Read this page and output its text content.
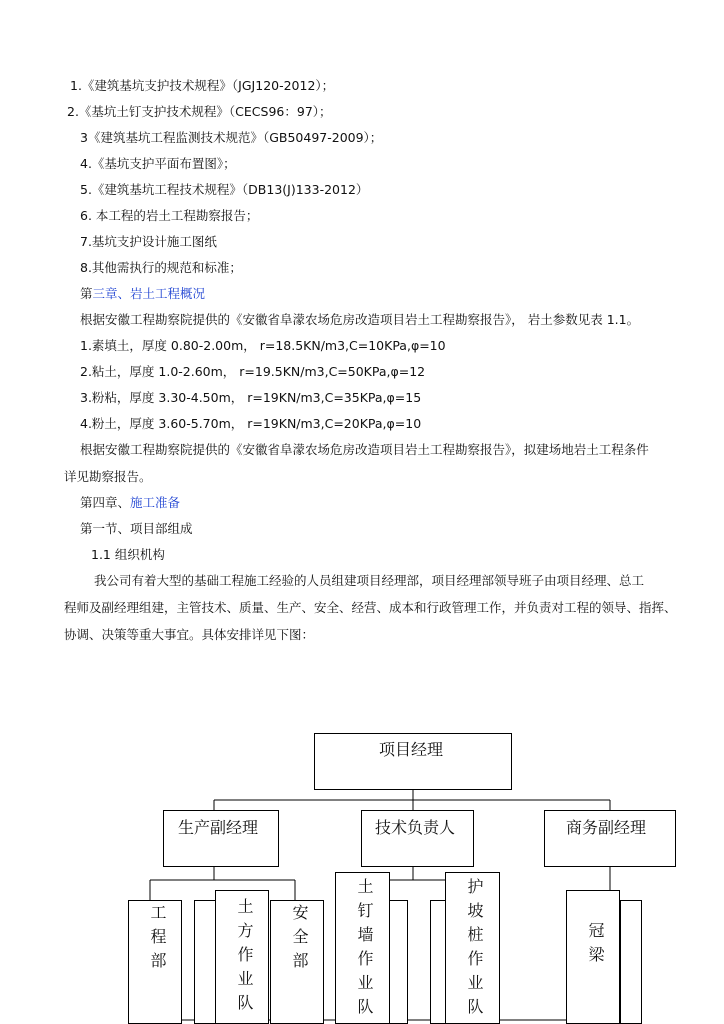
1.《建筑基坑支护技术规程》（JGJ120-2012）；
2.《基坑土钉支护技术规程》（CECS96：97）；
3《建筑基坑工程监测技术规范》（GB50497-2009）；
4.《基坑支护平面布置图》；
5.《建筑基坑工程技术规程》（DB13(J)133-2012）
6. 本工程的岩土工程勘察报告；
7.基坑支护设计施工图纸
8.其他需执行的规范和标准；
第三章、岩土工程概况
根据安徽工程勘察院提供的《安徽省阜濛农场危房改造项目岩土工程勘察报告》， 岩土参数见表 1.1。
1.素填土，厚度 0.80-2.00m， r=18.5KN/m3,C=10KPa,φ=10
2.粘土，厚度 1.0-2.60m， r=19.5KN/m3,C=50KPa,φ=12
3.粉粘，厚度 3.30-4.50m， r=19KN/m3,C=35KPa,φ=15
4.粉土，厚度 3.60-5.70m， r=19KN/m3,C=20KPa,φ=10
根据安徽工程勘察院提供的《安徽省阜濛农场危房改造项目岩土工程勘察报告》，拟建场地岩土工程条件
详见勘察报告。
第四章、施工准备
第一节、项目部组成
1.1 组织机构
我公司有着大型的基础工程施工经验的人员组建项目经理部，项目经理部领导班子由项目经理、总工
程师及副经理组建，主管技术、质量、生产、安全、经营、成本和行政管理工作，并负责对工程的领导、指挥、
协调、决策等重大事宜。具体安排详见下图：
项目经理
生产副经理	技术负责人	商务副经理
工程部	安全部
土方作业队	土钉墙作业队	护坡桩作业队	冠梁
